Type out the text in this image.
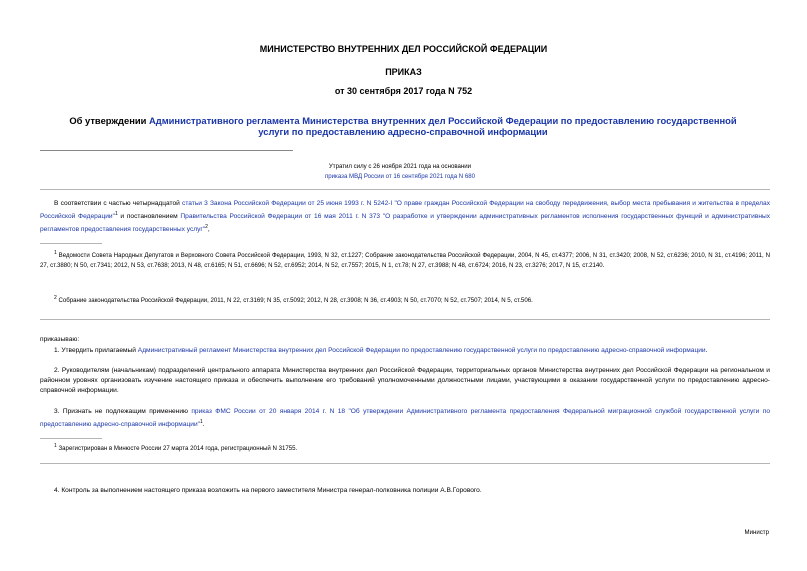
МИНИСТЕРСТВО ВНУТРЕННИХ ДЕЛ РОССИЙСКОЙ ФЕДЕРАЦИИ
ПРИКАЗ
от 30 сентября 2017 года N 752
Об утверждении Административного регламента Министерства внутренних дел Российской Федерации по предоставлению государственной услуги по предоставлению адресно-справочной информации
Утратил силу с 26 ноября 2021 года на основании
приказа МВД России от 16 сентября 2021 года N 680
В соответствии с частью четырнадцатой статьи 3 Закона Российской Федерации от 25 июня 1993 г. N 5242-I "О праве граждан Российской Федерации на свободу передвижения, выбор места пребывания и жительства в пределах Российской Федерации"$^1$ и постановлением Правительства Российской Федерации от 16 мая 2011 г. N 373 "О разработке и утверждении административных регламентов исполнения государственных функций и административных регламентов предоставления государственных услуг"$^2$,
$^1$ Ведомости Совета Народных Депутатов и Верховного Совета Российской Федерации, 1993, N 32, ст.1227; Собрание законодательства Российской Федерации, 2004, N 45, ст.4377; 2006, N 31, ст.3420; 2008, N 52, ст.6236; 2010, N 31, ст.4196; 2011, N 27, ст.3880; N 50, ст.7341; 2012, N 53, ст.7638; 2013, N 48, ст.6165; N 51, ст.6696; N 52, ст.6952; 2014, N 52, ст.7557; 2015, N 1, ст.78; N 27, ст.3988; N 48, ст.6724; 2016, N 23, ст.3276; 2017, N 15, ст.2140.
$^2$ Собрание законодательства Российской Федерации, 2011, N 22, ст.3169; N 35, ст.5092; 2012, N 28, ст.3908; N 36, ст.4903; N 50, ст.7070; N 52, ст.7507; 2014, N 5, ст.506.
приказываю:
1. Утвердить прилагаемый Административный регламент Министерства внутренних дел Российской Федерации по предоставлению государственной услуги по предоставлению адресно-справочной информации.
2. Руководителям (начальникам) подразделений центрального аппарата Министерства внутренних дел Российской Федерации, территориальных органов Министерства внутренних дел Российской Федерации на региональном и районном уровнях организовать изучение настоящего приказа и обеспечить выполнение его требований уполномоченными должностными лицами, участвующими в оказании государственной услуги по предоставлению адресно-справочной информации.
3. Признать не подлежащим применению приказ ФМС России от 20 января 2014 г. N 18 "Об утверждении Административного регламента предоставления Федеральной миграционной службой государственной услуги по предоставлению адресно-справочной информации"$^1$.
$^1$ Зарегистрирован в Минюсте России 27 марта 2014 года, регистрационный N 31755.
4. Контроль за выполнением настоящего приказа возложить на первого заместителя Министра генерал-полковника полиции А.В.Горового.
Министр
